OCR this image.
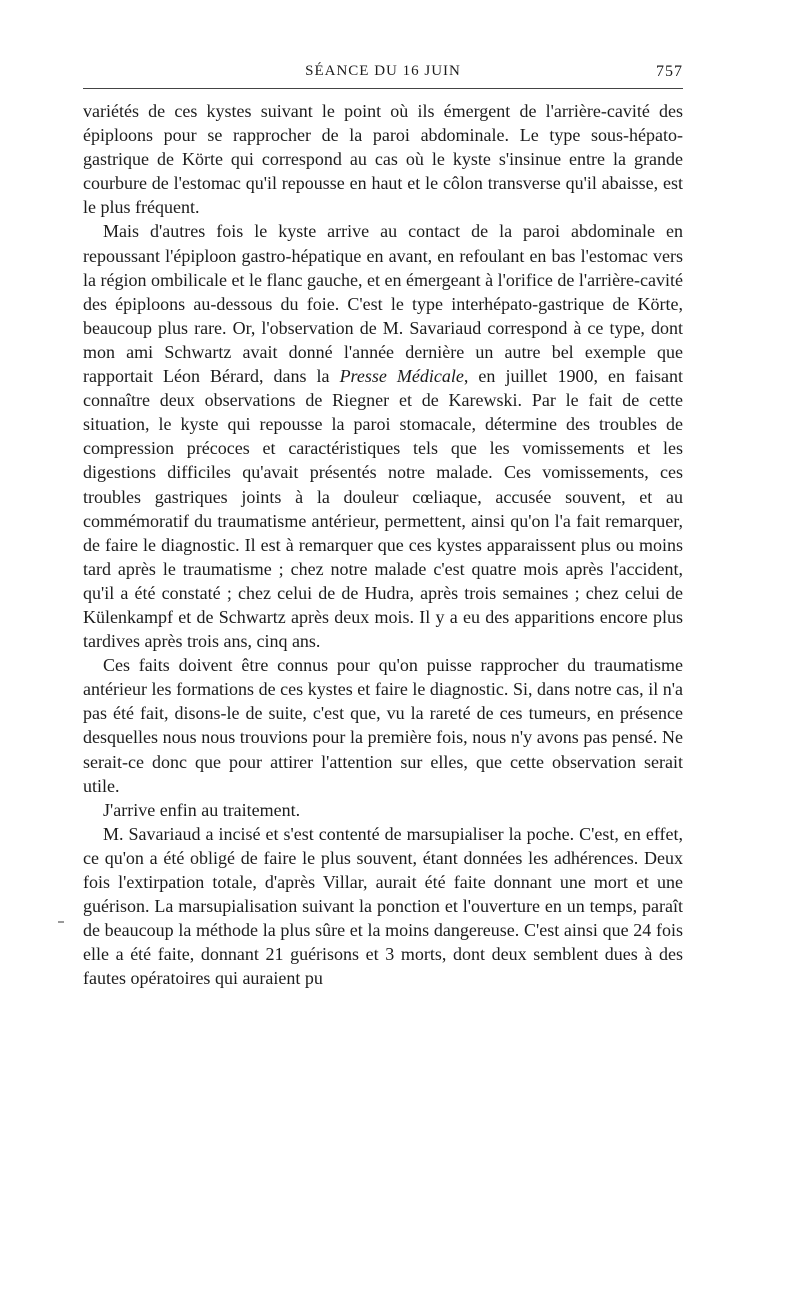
SÉANCE DU 16 JUIN	757

variétés de ces kystes suivant le point où ils émergent de l'arrière-cavité des épiploons pour se rapprocher de la paroi abdominale. Le type sous-hépato-gastrique de Körte qui correspond au cas où le kyste s'insinue entre la grande courbure de l'estomac qu'il repousse en haut et le côlon transverse qu'il abaisse, est le plus fréquent.

Mais d'autres fois le kyste arrive au contact de la paroi abdominale en repoussant l'épiploon gastro-hépatique en avant, en refoulant en bas l'estomac vers la région ombilicale et le flanc gauche, et en émergeant à l'orifice de l'arrière-cavité des épiploons au-dessous du foie. C'est le type interhépato-gastrique de Körte, beaucoup plus rare. Or, l'observation de M. Savariaud correspond à ce type, dont mon ami Schwartz avait donné l'année dernière un autre bel exemple que rapportait Léon Bérard, dans la Presse Médicale, en juillet 1900, en faisant connaître deux observations de Riegner et de Karewski. Par le fait de cette situation, le kyste qui repousse la paroi stomacale, détermine des troubles de compression précoces et caractéristiques tels que les vomissements et les digestions difficiles qu'avait présentés notre malade. Ces vomissements, ces troubles gastriques joints à la douleur cœliaque, accusée souvent, et au commémoratif du traumatisme antérieur, permettent, ainsi qu'on l'a fait remarquer, de faire le diagnostic. Il est à remarquer que ces kystes apparaissent plus ou moins tard après le traumatisme ; chez notre malade c'est quatre mois après l'accident, qu'il a été constaté ; chez celui de de Hudra, après trois semaines ; chez celui de Külenkampf et de Schwartz après deux mois. Il y a eu des apparitions encore plus tardives après trois ans, cinq ans.

Ces faits doivent être connus pour qu'on puisse rapprocher du traumatisme antérieur les formations de ces kystes et faire le diagnostic. Si, dans notre cas, il n'a pas été fait, disons-le de suite, c'est que, vu la rareté de ces tumeurs, en présence desquelles nous nous trouvions pour la première fois, nous n'y avons pas pensé. Ne serait-ce donc que pour attirer l'attention sur elles, que cette observation serait utile.

J'arrive enfin au traitement.

M. Savariaud a incisé et s'est contenté de marsupialiser la poche. C'est, en effet, ce qu'on a été obligé de faire le plus souvent, étant données les adhérences. Deux fois l'extirpation totale, d'après Villar, aurait été faite donnant une mort et une guérison. La marsupialisation suivant la ponction et l'ouverture en un temps, paraît de beaucoup la méthode la plus sûre et la moins dangereuse. C'est ainsi que 24 fois elle a été faite, donnant 21 guérisons et 3 morts, dont deux semblent dues à des fautes opératoires qui auraient pu
